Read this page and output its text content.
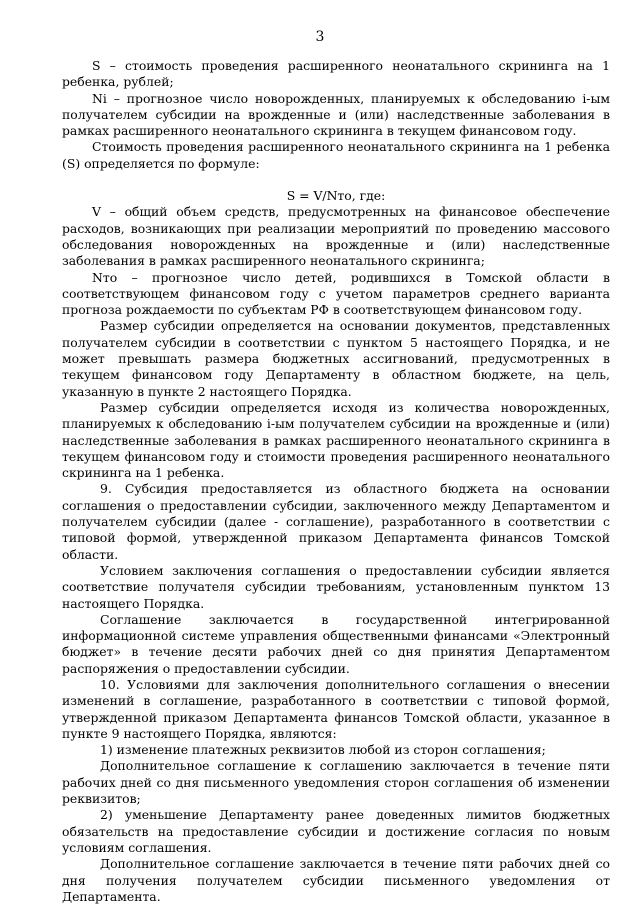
3

S – стоимость проведения расширенного неонатального скрининга на 1 ребенка, рублей;

Ni – прогнозное число новорожденных, планируемых к обследованию i-ым получателем субсидии на врожденные и (или) наследственные заболевания в рамках расширенного неонатального скрининга в текущем финансовом году.

Стоимость проведения расширенного неонатального скрининга на 1 ребенка (S) определяется по формуле:

S = V/Nто, где:

V – общий объем средств, предусмотренных на финансовое обеспечение расходов, возникающих при реализации мероприятий по проведению массового обследования новорожденных на врожденные и (или) наследственные заболевания в рамках расширенного неонатального скрининга;

Nто – прогнозное число детей, родившихся в Томской области в соответствующем финансовом году с учетом параметров среднего варианта прогноза рождаемости по субъектам РФ в соответствующем финансовом году.

Размер субсидии определяется на основании документов, представленных получателем субсидии в соответствии с пунктом 5 настоящего Порядка, и не может превышать размера бюджетных ассигнований, предусмотренных в текущем финансовом году Департаменту в областном бюджете, на цель, указанную в пункте 2 настоящего Порядка.

Размер субсидии определяется исходя из количества новорожденных, планируемых к обследованию i-ым получателем субсидии на врожденные и (или) наследственные заболевания в рамках расширенного неонатального скрининга в текущем финансовом году и стоимости проведения расширенного неонатального скрининга на 1 ребенка.

9. Субсидия предоставляется из областного бюджета на основании соглашения о предоставлении субсидии, заключенного между Департаментом и получателем субсидии (далее - соглашение), разработанного в соответствии с типовой формой, утвержденной приказом Департамента финансов Томской области.

Условием заключения соглашения о предоставлении субсидии является соответствие получателя субсидии требованиям, установленным пунктом 13 настоящего Порядка.

Соглашение заключается в государственной интегрированной информационной системе управления общественными финансами «Электронный бюджет» в течение десяти рабочих дней со дня принятия Департаментом распоряжения о предоставлении субсидии.

10. Условиями для заключения дополнительного соглашения о внесении изменений в соглашение, разработанного в соответствии с типовой формой, утвержденной приказом Департамента финансов Томской области, указанное в пункте 9 настоящего Порядка, являются:

1) изменение платежных реквизитов любой из сторон соглашения;

Дополнительное соглашение к соглашению заключается в течение пяти рабочих дней со дня письменного уведомления сторон соглашения об изменении реквизитов;

2) уменьшение Департаменту ранее доведенных лимитов бюджетных обязательств на предоставление субсидии и достижение согласия по новым условиям соглашения.

Дополнительное соглашение заключается в течение пяти рабочих дней со дня получения получателем субсидии письменного уведомления от Департамента.
